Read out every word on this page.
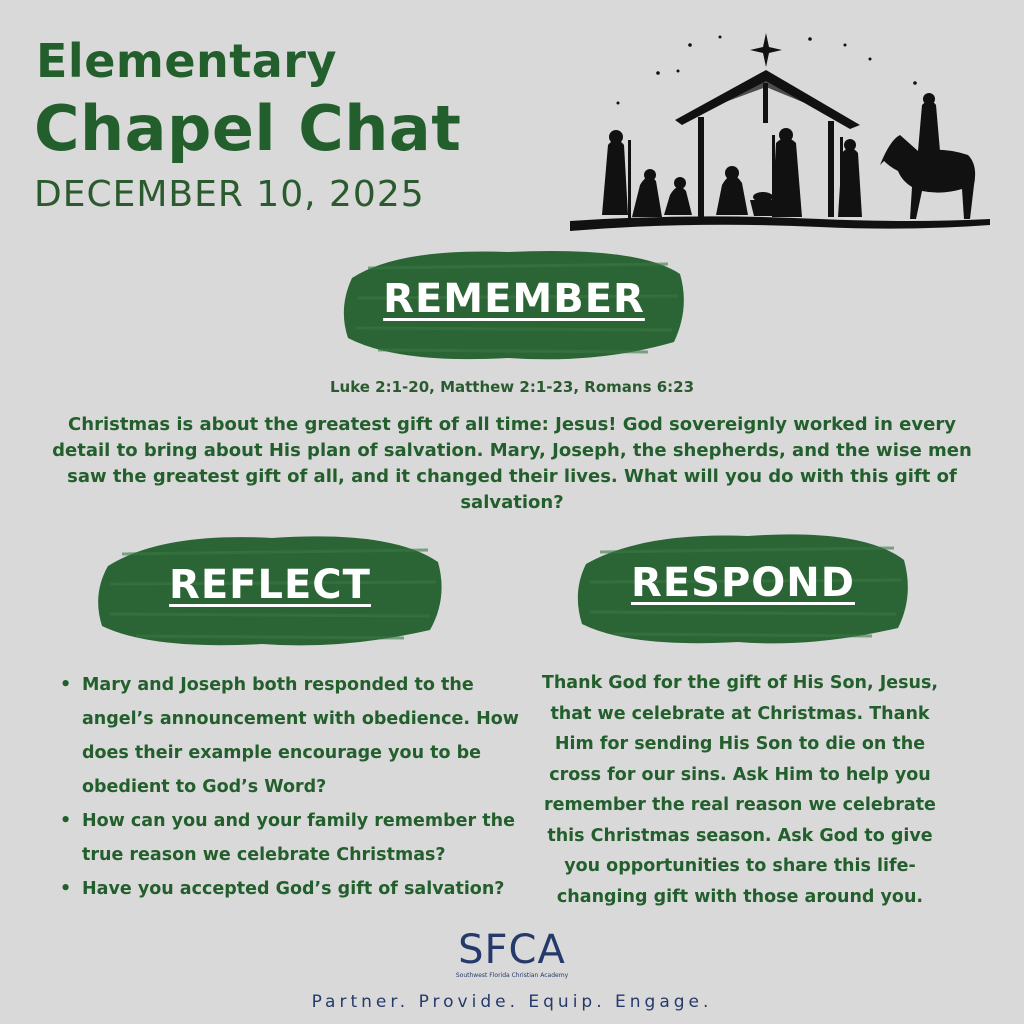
Elementary
Chapel Chat
DECEMBER 10, 2025
REMEMBER
Luke 2:1-20, Matthew 2:1-23, Romans 6:23
Christmas is about the greatest gift of all time: Jesus! God sovereignly worked in every detail to bring about His plan of salvation. Mary, Joseph, the shepherds, and the wise men saw the greatest gift of all, and it changed their lives. What will you do with this gift of salvation?
REFLECT	RESPOND
• Mary and Joseph both responded to the angel’s announcement with obedience. How does their example encourage you to be obedient to God’s Word?
• How can you and your family remember the true reason we celebrate Christmas?
• Have you accepted God’s gift of salvation?
Thank God for the gift of His Son, Jesus, that we celebrate at Christmas. Thank Him for sending His Son to die on the cross for our sins. Ask Him to help you remember the real reason we celebrate this Christmas season. Ask God to give you opportunities to share this life-changing gift with those around you.
SFCA
Southwest Florida Christian Academy
Partner. Provide. Equip. Engage.
